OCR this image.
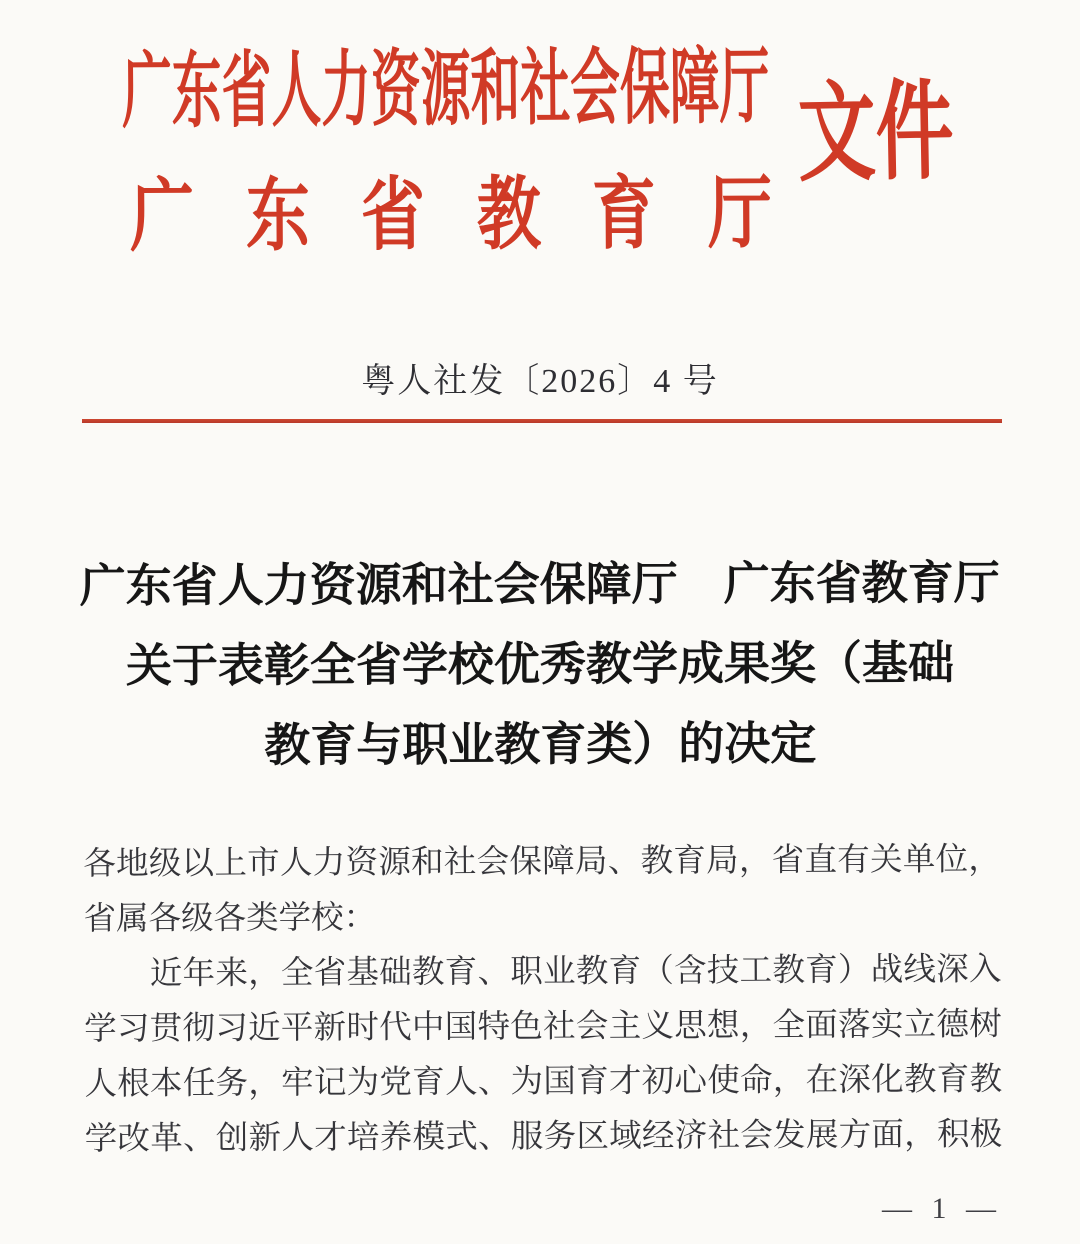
广东省人力资源和社会保障厅
广 东 省 教 育 厅
文件
粤人社发〔2026〕4 号
广东省人力资源和社会保障厅　广东省教育厅
关于表彰全省学校优秀教学成果奖（基础
教育与职业教育类）的决定
各 地 级 以 上 市 人 力 资 源 和 社 会 保 障 局 、 教 育 局 ， 省 直 有 关 单 位 ，
省属各级各类学校：
近 年 来 ， 全 省 基 础 教 育 、 职 业 教 育 （ 含 技 工 教 育 ） 战 线 深 入
学 习 贯 彻 习 近 平 新 时 代 中 国 特 色 社 会 主 义 思 想 ， 全 面 落 实 立 德 树
人 根 本 任 务 ， 牢 记 为 党 育 人 、 为 国 育 才 初 心 使 命 ， 在 深 化 教 育 教
学 改 革 、 创 新 人 才 培 养 模 式 、 服 务 区 域 经 济 社 会 发 展 方 面 ， 积 极
— 1 —
